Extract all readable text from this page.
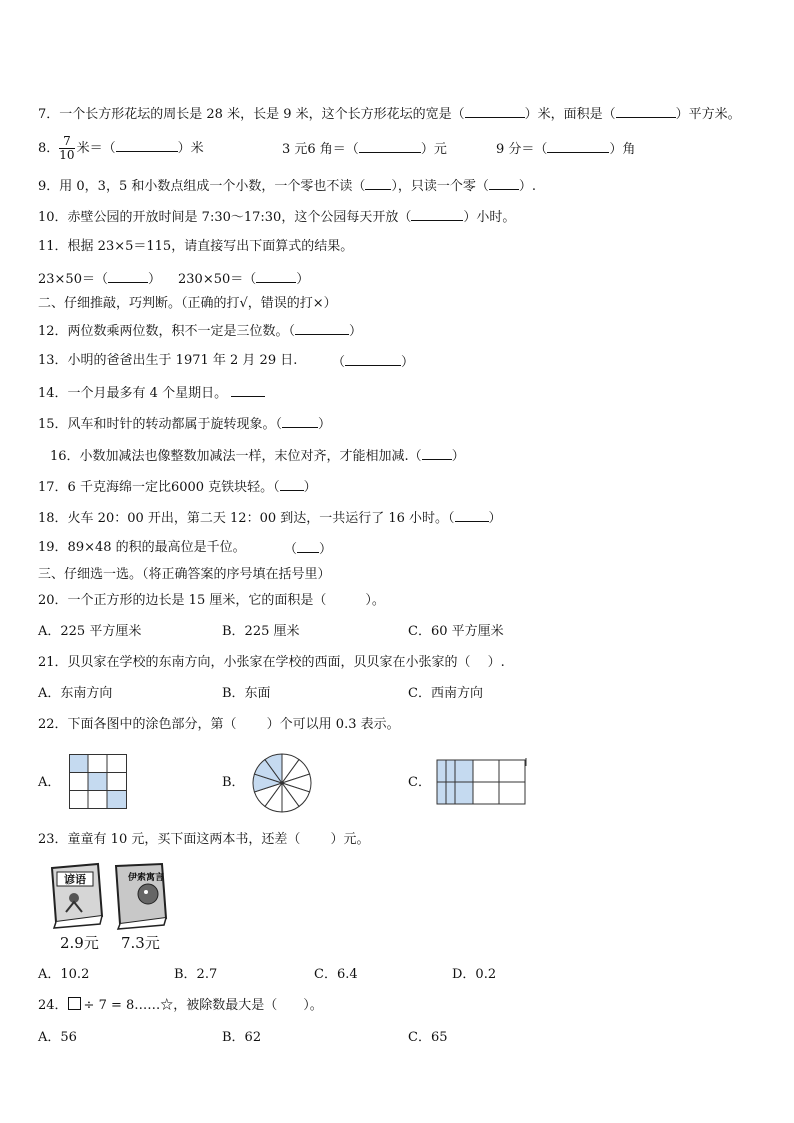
7．一个长方形花坛的周长是 28 米，长是 9 米，这个长方形花坛的宽是（	）米，面积是（	）平方米。
8． $\frac{7}{10}$ 米＝（	）米	3 元6 角＝（	）元	9 分＝（	）角
9．用 0，3，5 和小数点组成一个小数，一个零也不读（ ），只读一个零（ ）.
10．赤壁公园的开放时间是 7:30～17:30，这个公园每天开放（	）小时。
11．根据 23×5＝115，请直接写出下面算式的结果。
23×50＝（	） 230×50＝（	）
二、仔细推敲，巧判断。（正确的打√，错误的打×）
12．两位数乘两位数，积不一定是三位数。（	）
13．小明的爸爸出生于 1971 年 2 月 29 日.	（	）
14．一个月最多有 4 个星期日。
15．风车和时针的转动都属于旋转现象。（	）
16．小数加减法也像整数加减法一样，末位对齐，才能相加减.（ ）
17．6 千克海绵一定比6000 克铁块轻。（ ）
18．火车 20：00 开出，第二天 12：00 到达，一共运行了 16 小时。（	）
19．89×48 的积的最高位是千位。	（ ）
三、仔细选一选。（将正确答案的序号填在括号里）
20．一个正方形的边长是 15 厘米，它的面积是（　　　）。
A．225 平方厘米	B．225 厘米	C．60 平方厘米
21．贝贝家在学校的东南方向，小张家在学校的西面，贝贝家在小张家的（　 ）.
A．东南方向	B．东面	C．西南方向
22．下面各图中的涂色部分，第（　　 ）个可以用 0.3 表示。
A．	B．	C．
23．童童有 10 元，买下面这两本书，还差（　　 ）元。
谚语
2.9元
伊索寓言
7.3元
A．10.2	B．2.7	C．6.4	D．0.2
24． ÷ 7 = 8……☆，被除数最大是（　　）。
A．56	B．62	C．65
